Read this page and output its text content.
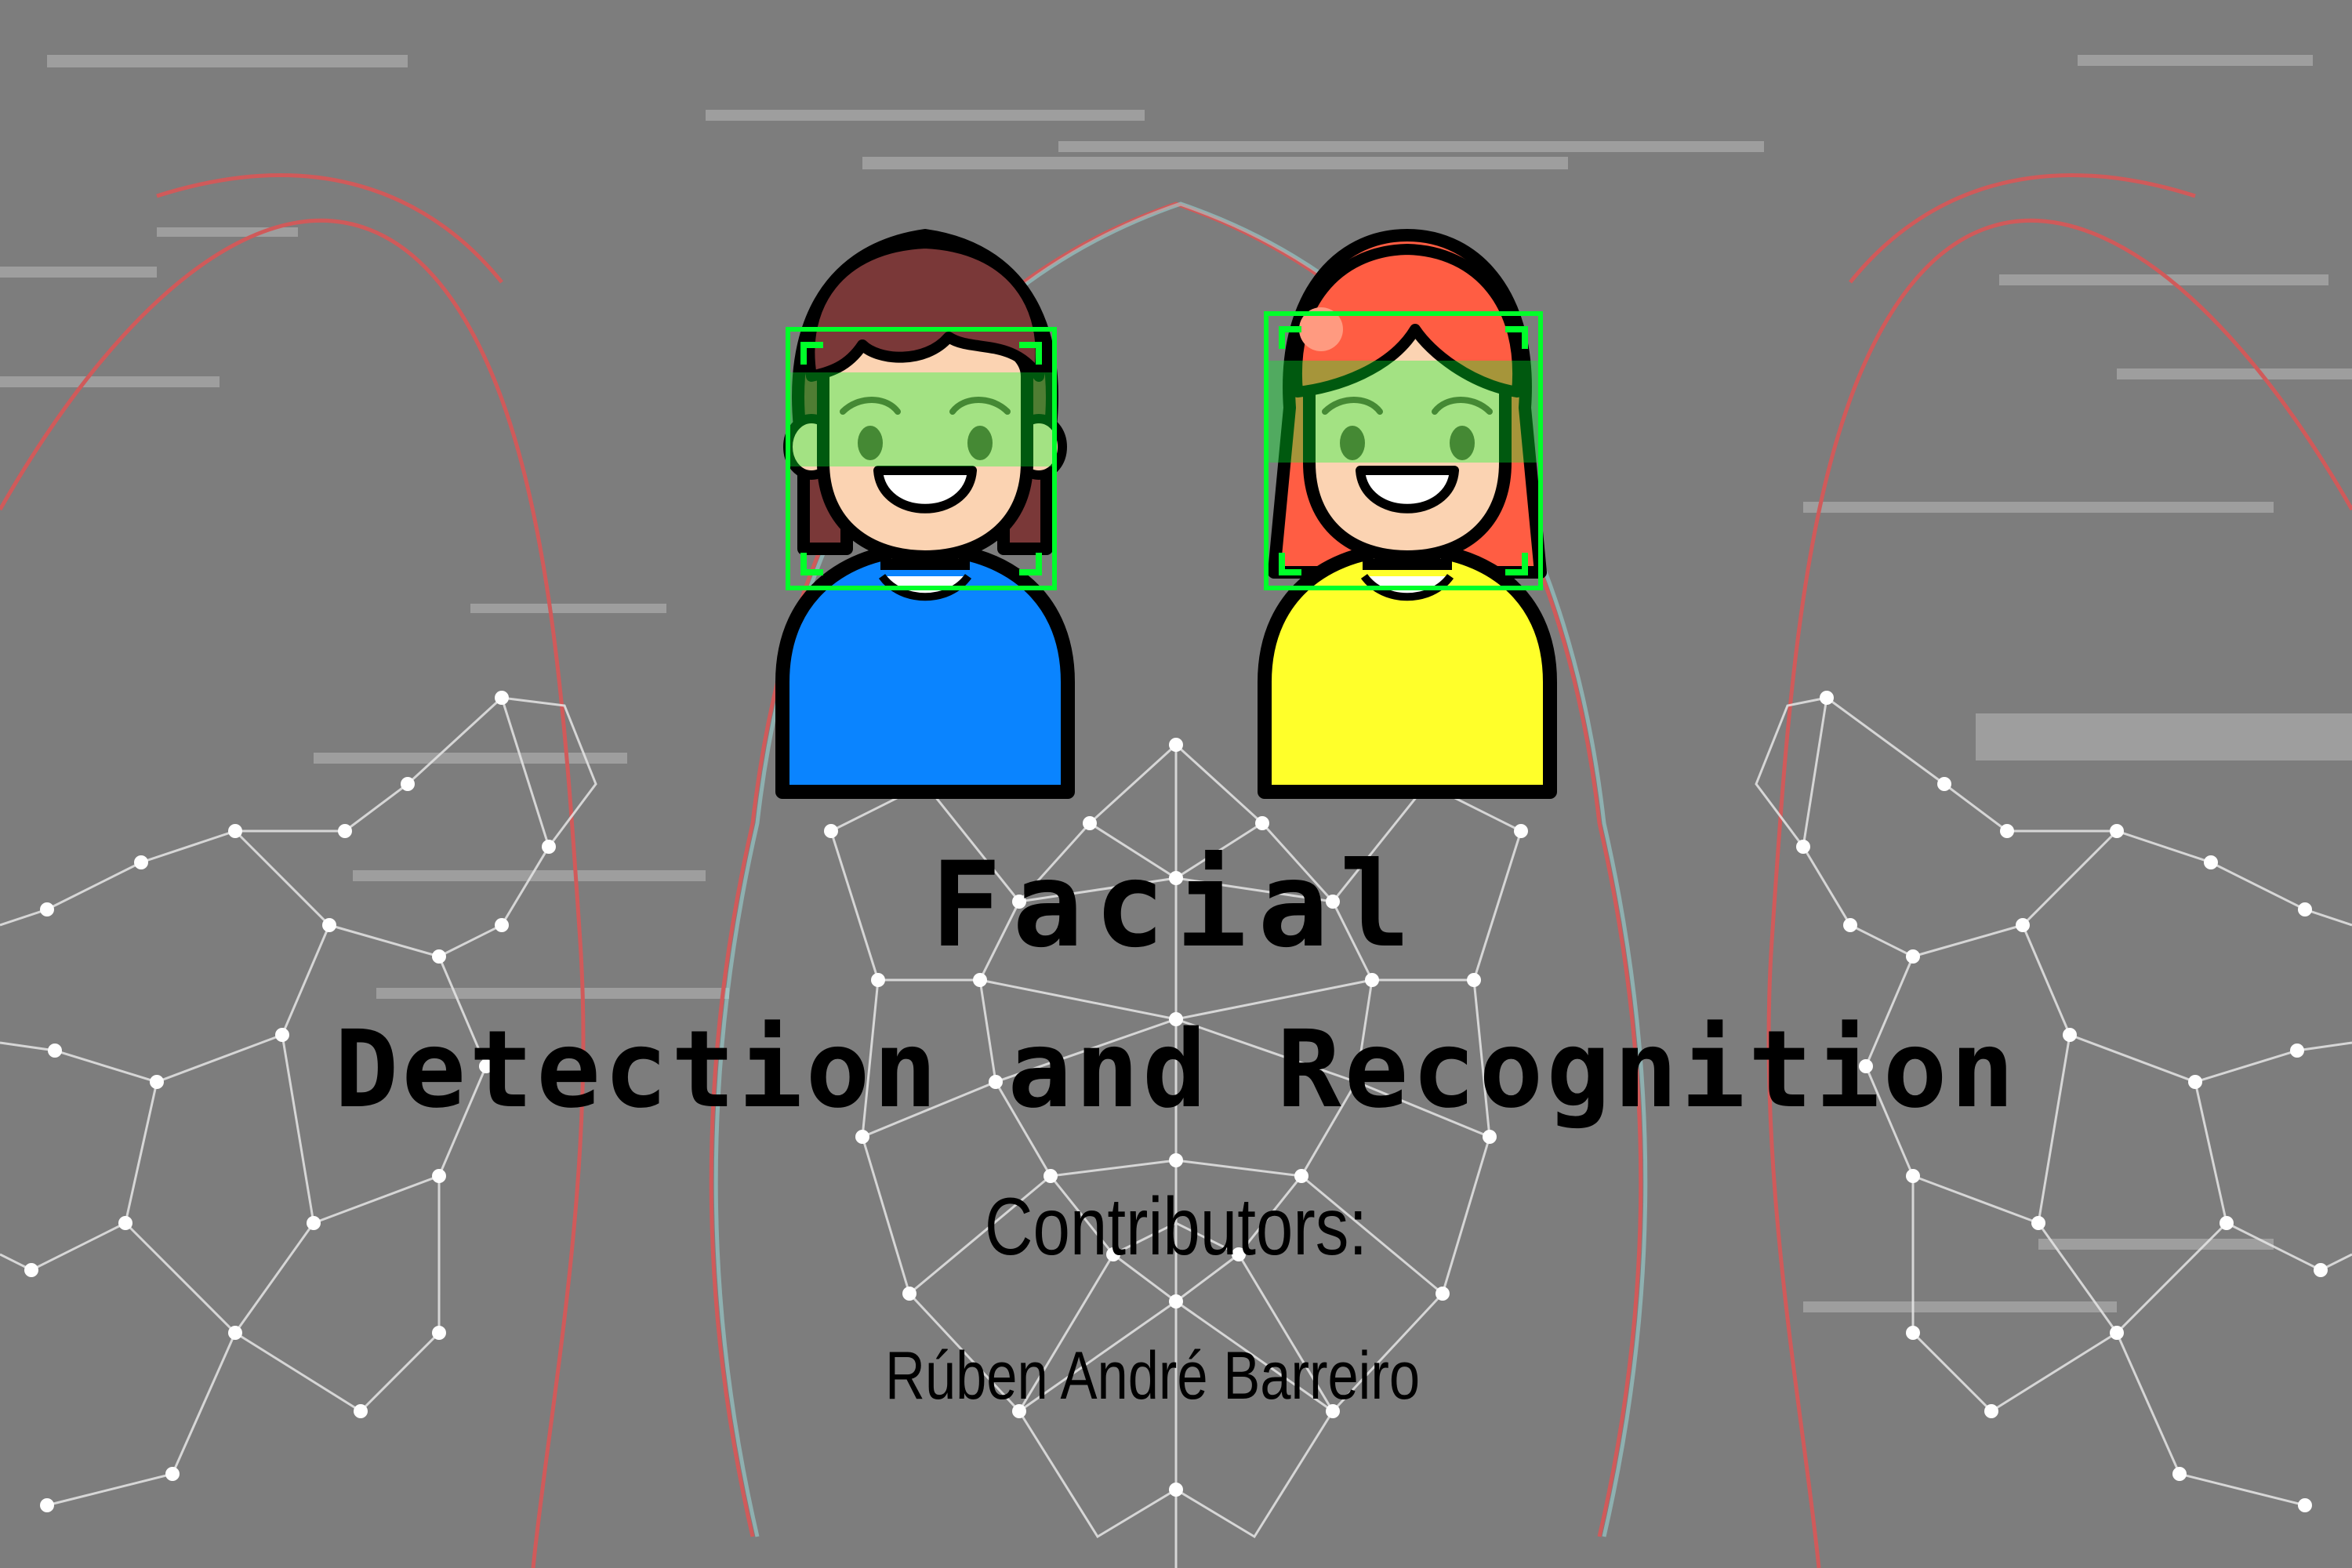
Facial
Detection and Recognition
Contributors:
Rúben André Barreiro
